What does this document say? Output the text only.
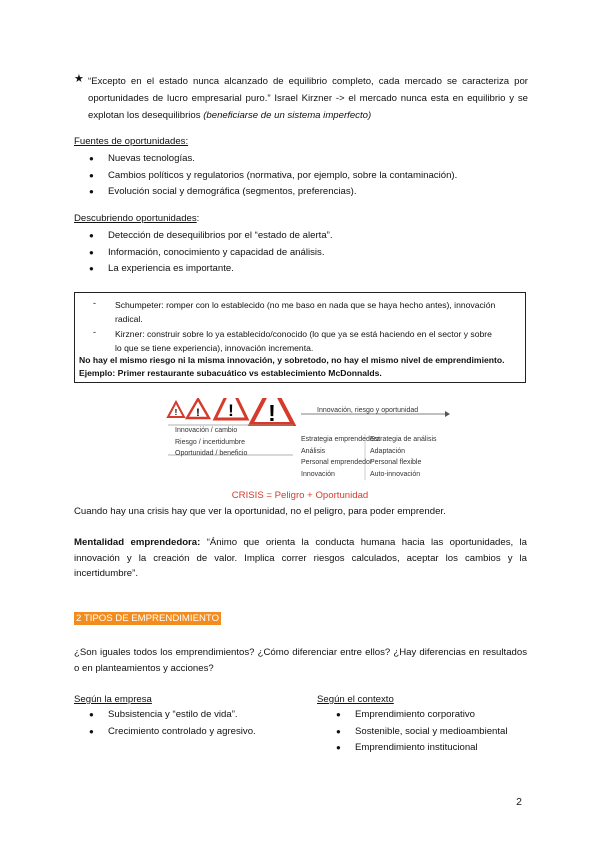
★ “Excepto en el estado nunca alcanzado de equilibrio completo, cada mercado se caracteriza por oportunidades de lucro empresarial puro.” Israel Kirzner -> el mercado nunca esta en equilibrio y se explotan los desequilibrios (beneficiarse de un sistema imperfecto)
Fuentes de oportunidades:
● Nuevas tecnologías.
● Cambios políticos y regulatorios (normativa, por ejemplo, sobre la contaminación).
● Evolución social y demográfica (segmentos, preferencias).
Descubriendo oportunidades:
● Detección de desequilibrios por el “estado de alerta”.
● Información, conocimiento y capacidad de análisis.
● La experiencia es importante.
- Schumpeter: romper con lo establecido (no me baso en nada que se haya hecho antes), innovación
radical.
- Kirzner: construir sobre lo ya establecido/conocido (lo que ya se está haciendo en el sector y sobre
lo que se tiene experiencia), innovación incrementa.
No hay el mismo riesgo ni la misma innovación, y sobretodo, no hay el mismo nivel de emprendimiento.
Ejemplo: Primer restaurante subacuático vs establecimiento McDonnalds.
! ! ! !	Innovación, riesgo y oportunidad
Innovación / cambio
Riesgo / incertidumbre
Oportunidad / beneficio
Estrategia emprendedora
Análisis
Personal emprendedor
Innovación
Estrategia de análisis
Adaptación
Personal flexible
Auto-innovación
CRISIS = Peligro + Oportunidad
Cuando hay una crisis hay que ver la oportunidad, no el peligro, para poder emprender.
Mentalidad emprendedora: “Ánimo que orienta la conducta humana hacia las oportunidades, la innovación y la creación de valor. Implica correr riesgos calculados, aceptar los cambios y la incertidumbre”.
2 TIPOS DE EMPRENDIMIENTO
¿Son iguales todos los emprendimientos? ¿Cómo diferenciar entre ellos? ¿Hay diferencias en resultados o en planteamientos y acciones?
Según la empresa
● Subsistencia y “estilo de vida”.
● Crecimiento controlado y agresivo.
Según el contexto
● Emprendimiento corporativo
● Sostenible, social y medioambiental
● Emprendimiento institucional
2
